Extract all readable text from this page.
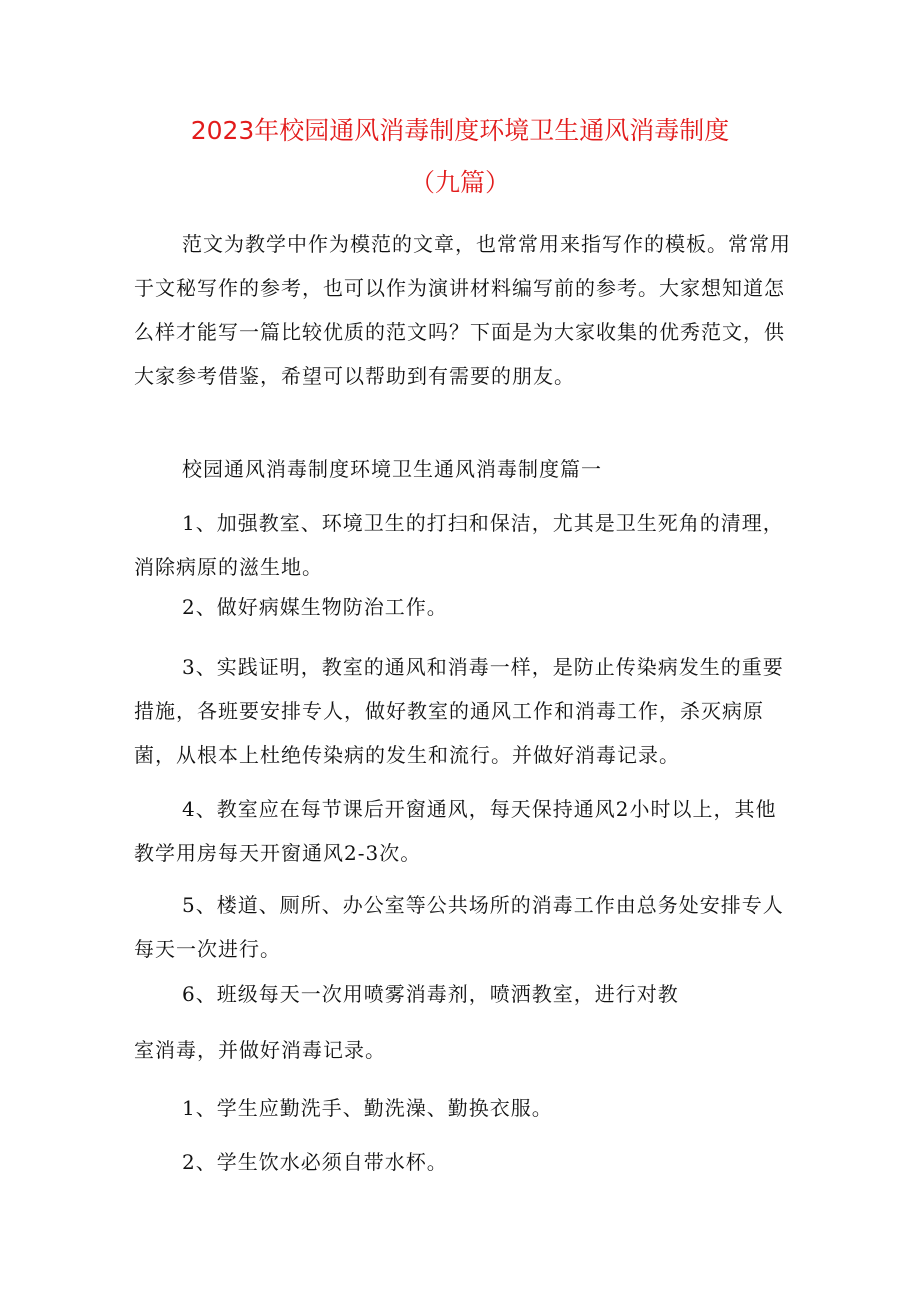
2023年校园通风消毒制度环境卫生通风消毒制度
（九篇）

范文为教学中作为模范的文章，也常常用来指写作的模板。常常用于文秘写作的参考，也可以作为演讲材料编写前的参考。大家想知道怎么样才能写一篇比较优质的范文吗？下面是为大家收集的优秀范文，供大家参考借鉴，希望可以帮助到有需要的朋友。

校园通风消毒制度环境卫生通风消毒制度篇一

1、加强教室、环境卫生的打扫和保洁，尤其是卫生死角的清理，消除病原的滋生地。

2、做好病媒生物防治工作。

3、实践证明，教室的通风和消毒一样，是防止传染病发生的重要措施，各班要安排专人，做好教室的通风工作和消毒工作，杀灭病原菌，从根本上杜绝传染病的发生和流行。并做好消毒记录。

4、教室应在每节课后开窗通风，每天保持通风2小时以上，其他教学用房每天开窗通风2-3次。

5、楼道、厕所、办公室等公共场所的消毒工作由总务处安排专人每天一次进行。

6、班级每天一次用喷雾消毒剂，喷洒教室，进行对教

室消毒，并做好消毒记录。

1、学生应勤洗手、勤洗澡、勤换衣服。

2、学生饮水必须自带水杯。
